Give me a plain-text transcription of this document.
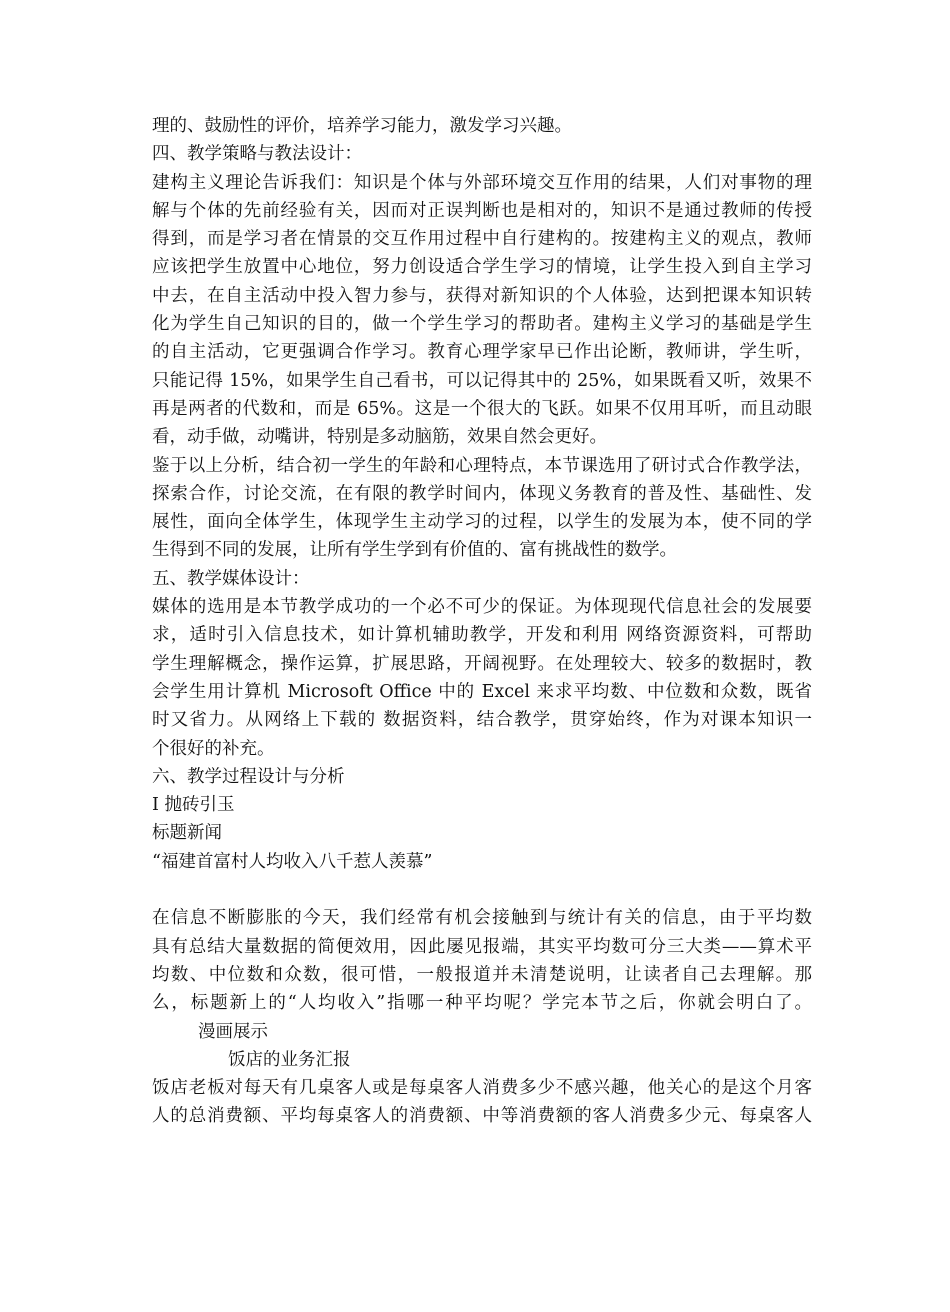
理的、鼓励性的评价，培养学习能力，激发学习兴趣。
四、教学策略与教法设计：
建构主义理论告诉我们：知识是个体与外部环境交互作用的结果，人们对事物的理
解与个体的先前经验有关，因而对正误判断也是相对的，知识不是通过教师的传授
得到，而是学习者在情景的交互作用过程中自行建构的。按建构主义的观点，教师
应该把学生放置中心地位，努力创设适合学生学习的情境，让学生投入到自主学习
中去，在自主活动中投入智力参与，获得对新知识的个人体验，达到把课本知识转
化为学生自己知识的目的，做一个学生学习的帮助者。建构主义学习的基础是学生
的自主活动，它更强调合作学习。教育心理学家早已作出论断，教师讲，学生听，
只能记得 15%，如果学生自己看书，可以记得其中的 25%，如果既看又听，效果不
再是两者的代数和，而是 65%。这是一个很大的飞跃。如果不仅用耳听，而且动眼
看，动手做，动嘴讲，特别是多动脑筋，效果自然会更好。
鉴于以上分析，结合初一学生的年龄和心理特点，本节课选用了研讨式合作教学法，
探索合作，讨论交流，在有限的教学时间内，体现义务教育的普及性、基础性、发
展性，面向全体学生，体现学生主动学习的过程，以学生的发展为本，使不同的学
生得到不同的发展，让所有学生学到有价值的、富有挑战性的数学。
五、教学媒体设计：
媒体的选用是本节教学成功的一个必不可少的保证。为体现现代信息社会的发展要
求，适时引入信息技术，如计算机辅助教学，开发和利用 网络资源资料，可帮助
学生理解概念，操作运算，扩展思路，开阔视野。在处理较大、较多的数据时，教
会学生用计算机 Microsoft Office 中的 Excel 来求平均数、中位数和众数，既省
时又省力。从网络上下载的 数据资料，结合教学，贯穿始终，作为对课本知识一
个很好的补充。
六、教学过程设计与分析
Ⅰ 抛砖引玉
标题新闻
“福建首富村人均收入八千惹人羡慕”
在信息不断膨胀的今天，我们经常有机会接触到与统计有关的信息，由于平均数
具有总结大量数据的简便效用，因此屡见报端，其实平均数可分三大类——算术平
均数、中位数和众数，很可惜，一般报道并未清楚说明，让读者自己去理解。那
么，标题新上的“人均收入”指哪一种平均呢？学完本节之后，你就会明白了。
漫画展示
饭店的业务汇报
饭店老板对每天有几桌客人或是每桌客人消费多少不感兴趣，他关心的是这个月客
人的总消费额、平均每桌客人的消费额、中等消费额的客人消费多少元、每桌客人
